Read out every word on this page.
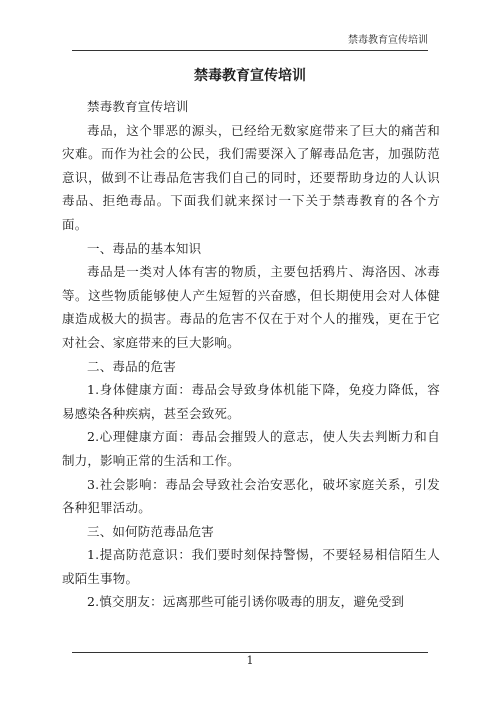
禁毒教育宣传培训
禁毒教育宣传培训

禁毒教育宣传培训

毒品，这个罪恶的源头，已经给无数家庭带来了巨大的痛苦和灾难。而作为社会的公民，我们需要深入了解毒品危害，加强防范意识，做到不让毒品危害我们自己的同时，还要帮助身边的人认识毒品、拒绝毒品。下面我们就来探讨一下关于禁毒教育的各个方面。

一、毒品的基本知识

毒品是一类对人体有害的物质，主要包括鸦片、海洛因、冰毒等。这些物质能够使人产生短暂的兴奋感，但长期使用会对人体健康造成极大的损害。毒品的危害不仅在于对个人的摧残，更在于它对社会、家庭带来的巨大影响。

二、毒品的危害

1.身体健康方面：毒品会导致身体机能下降，免疫力降低，容易感染各种疾病，甚至会致死。

2.心理健康方面：毒品会摧毁人的意志，使人失去判断力和自制力，影响正常的生活和工作。

3.社会影响：毒品会导致社会治安恶化，破坏家庭关系，引发各种犯罪活动。

三、如何防范毒品危害

1.提高防范意识：我们要时刻保持警惕，不要轻易相信陌生人或陌生事物。

2.慎交朋友：远离那些可能引诱你吸毒的朋友，避免受到

1
